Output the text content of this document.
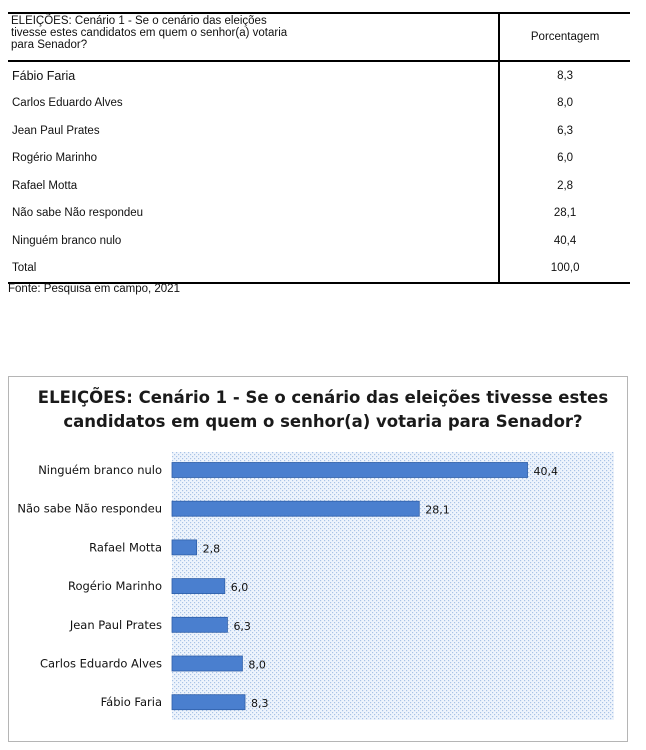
ELEIÇÕES: Cenário 1 - Se o cenário das eleições
tivesse estes candidatos em quem o senhor(a) votaria
para Senador?	Porcentagem
Fábio Faria	8,3
Carlos Eduardo Alves	8,0
Jean Paul Prates	6,3
Rogério Marinho	6,0
Rafael Motta	2,8
Não sabe Não respondeu	28,1
Ninguém branco nulo	40,4
Total	100,0
Fonte: Pesquisa em campo, 2021
Ninguém branco nulo	40,4
Não sabe Não respondeu	28,1
Rafael Motta	2,8
Rogério Marinho	6,0
Jean Paul Prates	6,3
Carlos Eduardo Alves	8,0
Fábio Faria	8,3
ELEIÇÕES: Cenário 1 - Se o cenário das eleições tivesse estes
candidatos em quem o senhor(a) votaria para Senador?
